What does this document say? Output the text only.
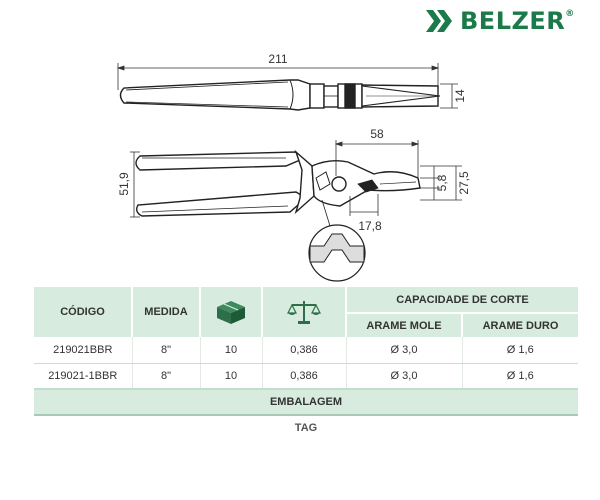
BELZER®
211
14
58
51,9	5,8 27,5
17,8
CÓDIGO	MEDIDA			CAPACIDADE DE CORTE	
				ARAME MOLE	ARAME DURO
219021BBR	8"	10	0,386	Ø 3,0	Ø 1,6
219021-1BBR	8"	10	0,386	Ø 3,0	Ø 1,6
EMBALAGEM					
TAG					
